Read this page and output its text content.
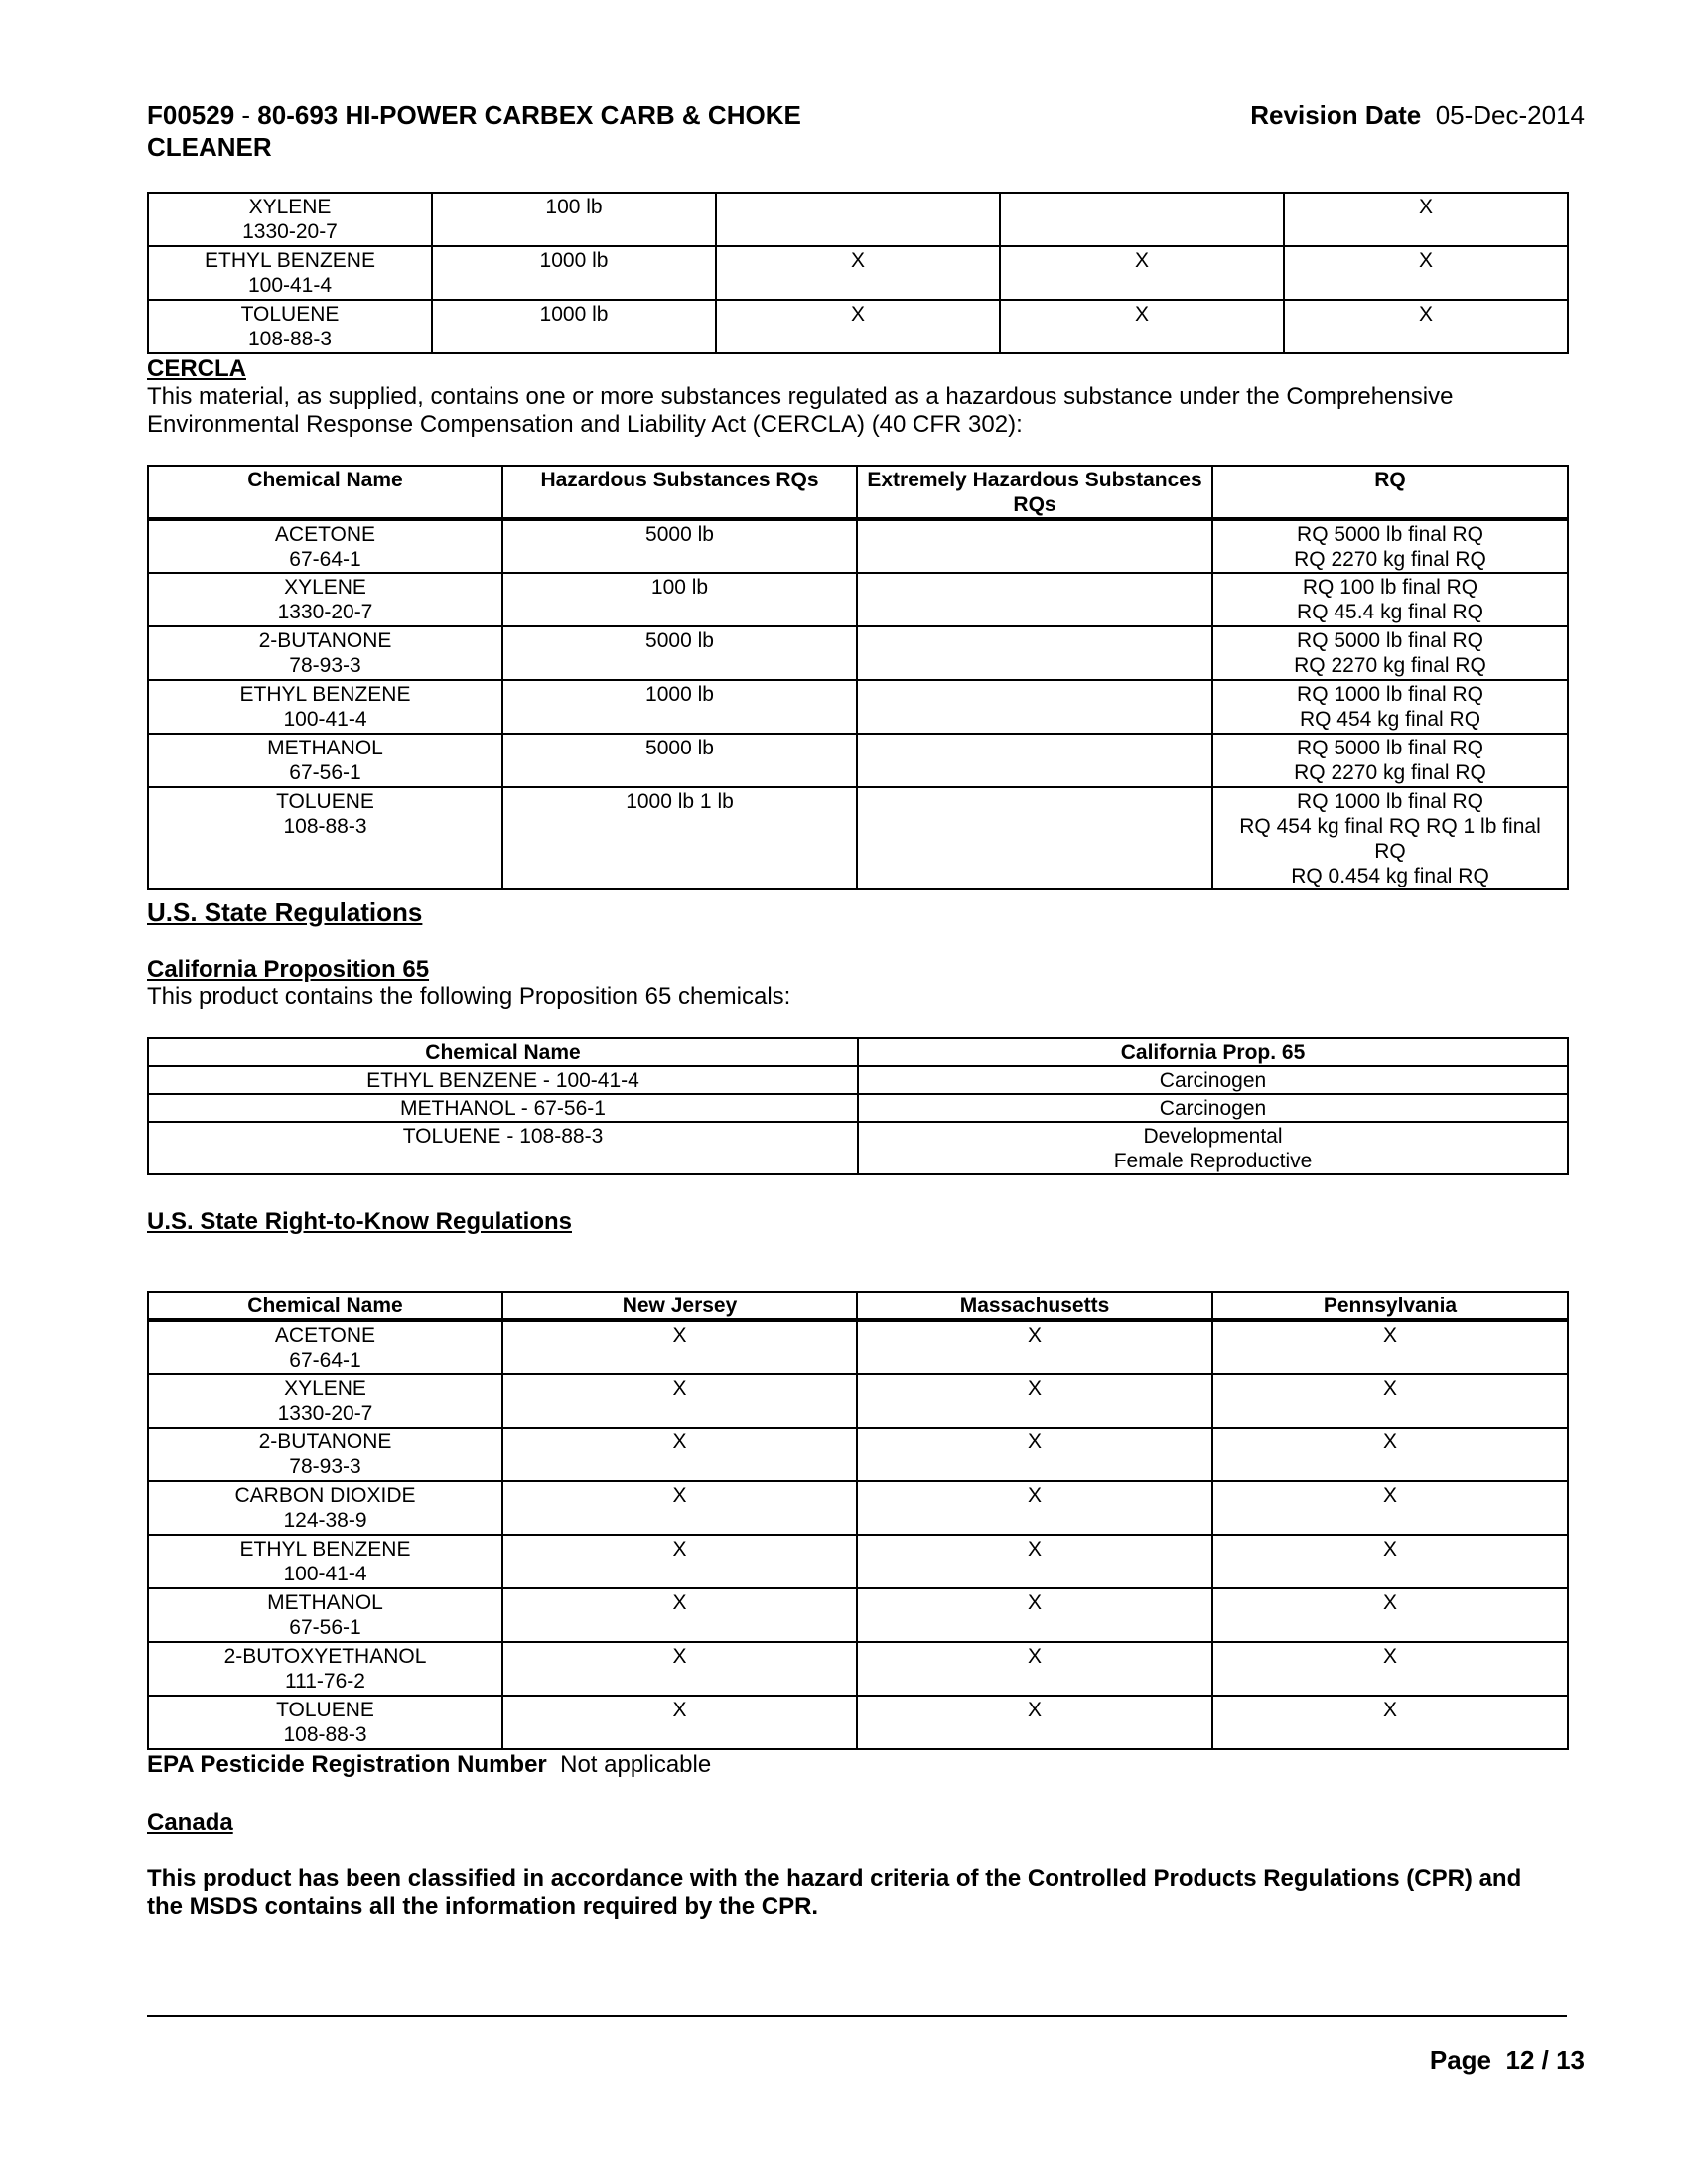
F00529 - 80-693 HI-POWER CARBEX CARB & CHOKE
CLEANER
Revision Date 05-Dec-2014
XYLENE
1330-20-7	100 lb			X
ETHYL BENZENE
100-41-4	1000 lb	X	X	X
TOLUENE
108-88-3	1000 lb	X	X	X
CERCLA
This material, as supplied, contains one or more substances regulated as a hazardous substance under the Comprehensive
Environmental Response Compensation and Liability Act (CERCLA) (40 CFR 302):
Chemical Name	Hazardous Substances RQs	Extremely Hazardous Substances RQs	RQ
ACETONE
67-64-1	5000 lb		RQ 5000 lb final RQ
RQ 2270 kg final RQ
XYLENE
1330-20-7	100 lb		RQ 100 lb final RQ
RQ 45.4 kg final RQ
2-BUTANONE
78-93-3	5000 lb		RQ 5000 lb final RQ
RQ 2270 kg final RQ
ETHYL BENZENE
100-41-4	1000 lb		RQ 1000 lb final RQ
RQ 454 kg final RQ
METHANOL
67-56-1	5000 lb		RQ 5000 lb final RQ
RQ 2270 kg final RQ
TOLUENE
108-88-3	1000 lb 1 lb		RQ 1000 lb final RQ
RQ 454 kg final RQ RQ 1 lb final
RQ
RQ 0.454 kg final RQ
U.S. State Regulations
California Proposition 65
This product contains the following Proposition 65 chemicals:
Chemical Name	California Prop. 65
ETHYL BENZENE - 100-41-4	Carcinogen
METHANOL - 67-56-1	Carcinogen
TOLUENE - 108-88-3	Developmental
Female Reproductive
U.S. State Right-to-Know Regulations
Chemical Name	New Jersey	Massachusetts	Pennsylvania
ACETONE
67-64-1	X	X	X
XYLENE
1330-20-7	X	X	X
2-BUTANONE
78-93-3	X	X	X
CARBON DIOXIDE
124-38-9	X	X	X
ETHYL BENZENE
100-41-4	X	X	X
METHANOL
67-56-1	X	X	X
2-BUTOXYETHANOL
111-76-2	X	X	X
TOLUENE
108-88-3	X	X	X
EPA Pesticide Registration Number Not applicable
Canada
This product has been classified in accordance with the hazard criteria of the Controlled Products Regulations (CPR) and
the MSDS contains all the information required by the CPR.
Page 12 / 13
